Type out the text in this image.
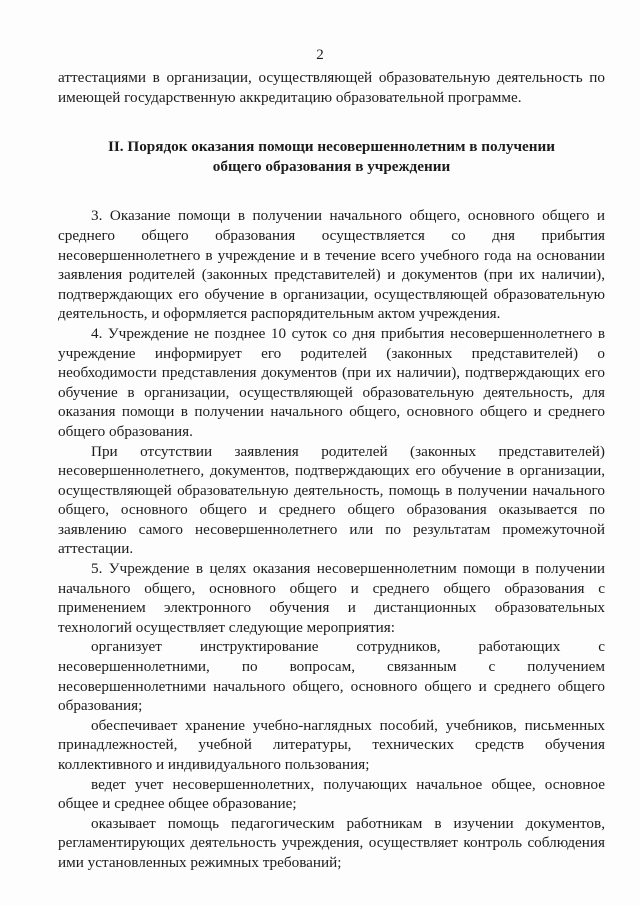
2

аттестациями в организации, осуществляющей образовательную деятельность по имеющей государственную аккредитацию образовательной программе.

II. Порядок оказания помощи несовершеннолетним в получении
общего образования в учреждении

3. Оказание помощи в получении начального общего, основного общего и среднего общего образования осуществляется со дня прибытия несовершеннолетнего в учреждение и в течение всего учебного года на основании заявления родителей (законных представителей) и документов (при их наличии), подтверждающих его обучение в организации, осуществляющей образовательную деятельность, и оформляется распорядительным актом учреждения.

4. Учреждение не позднее 10 суток со дня прибытия несовершеннолетнего в учреждение информирует его родителей (законных представителей) о необходимости представления документов (при их наличии), подтверждающих его обучение в организации, осуществляющей образовательную деятельность, для оказания помощи в получении начального общего, основного общего и среднего общего образования.

При отсутствии заявления родителей (законных представителей) несовершеннолетнего, документов, подтверждающих его обучение в организации, осуществляющей образовательную деятельность, помощь в получении начального общего, основного общего и среднего общего образования оказывается по заявлению самого несовершеннолетнего или по результатам промежуточной аттестации.

5. Учреждение в целях оказания несовершеннолетним помощи в получении начального общего, основного общего и среднего общего образования с применением электронного обучения и дистанционных образовательных технологий осуществляет следующие мероприятия:

организует инструктирование сотрудников, работающих с несовершеннолетними, по вопросам, связанным с получением несовершеннолетними начального общего, основного общего и среднего общего образования;

обеспечивает хранение учебно-наглядных пособий, учебников, письменных принадлежностей, учебной литературы, технических средств обучения коллективного и индивидуального пользования;

ведет учет несовершеннолетних, получающих начальное общее, основное общее и среднее общее образование;

оказывает помощь педагогическим работникам в изучении документов, регламентирующих деятельность учреждения, осуществляет контроль соблюдения ими установленных режимных требований;
